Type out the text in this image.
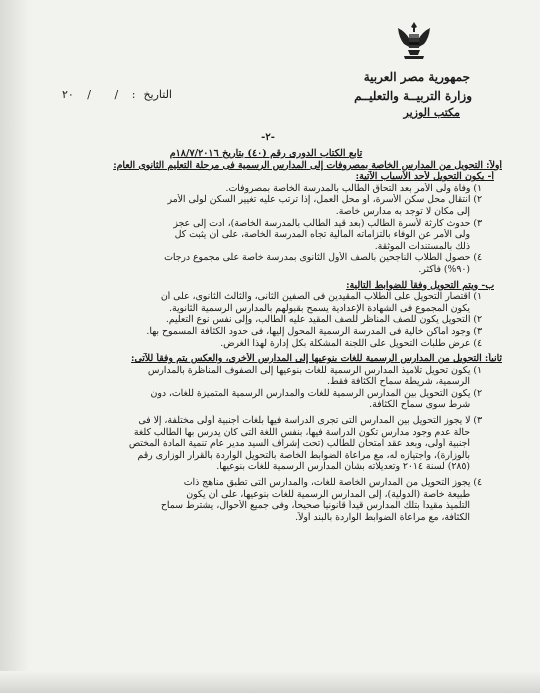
جمهورية مصر العربية
وزارة التربيــة والتعليــم
مكتب الوزير
التاريخ: / / ٢٠
-٢-

تابع الكتاب الدورى رقم (٤٠) بتاريخ ١٨/٧/٢٠١٦م

أولاً: التحويل من المدارس الخاصة بمصروفات إلى المدارس الرسمية فى مرحلة التعليم الثانوى العام:

أ- يكون التحويل لأحد الأسباب الآتية:

١) وفاة ولى الأمر بعد التحاق الطالب بالمدرسة الخاصة بمصروفات.

٢) انتقال محل سكن الأسرة، أو محل العمل، إذا ترتب عليه تغيير السكن لولى الأمر

إلى مكان لا توجد به مدارس خاصة.

٣) حدوث كارثة لأسرة الطالب (بعد قيد الطالب بالمدرسة الخاصة)، أدت إلى عجز

ولى الأمر عن الوفاء بالتزاماته المالية تجاه المدرسة الخاصة، على أن يثبت كل

ذلك بالمستندات الموثقة.

٤) حصول الطلاب الناجحين بالصف الأول الثانوى بمدرسة خاصة على مجموع درجات

(٩٠%) فأكثر.

ب- ويتم التحويل وفقاً للضوابط التالية:

١) اقتصار التحويل على الطلاب المقيدين فى الصفين الثانى، والثالث الثانوى، على أن

يكون المجموع فى الشهادة الإعدادية يسمح بقبولهم بالمدارس الرسمية الثانوية.

٢) التحويل يكون للصف المناظر للصف المقيد عليه الطالب، وإلى نفس نوع التعليم.

٣) وجود أماكن خالية فى المدرسة الرسمية المحول إليها، فى حدود الكثافة المسموح بها.

٤) عرض طلبات التحويل على اللجنة المشكلة بكل إدارة لهذا الغرض.

ثانياً: التحويل من المدارس الرسمية للغات بنوعيها إلى المدارس الأخرى، والعكس يتم وفقاً للآتى:

١) يكون تحويل تلاميذ المدارس الرسمية للغات بنوعيها إلى الصفوف المناظرة بالمدارس

الرسمية، شريطة سماح الكثافة فقط.

٢) يكون التحويل بين المدارس الرسمية للغات والمدارس الرسمية المتميزة للغات، دون

شرط سوى سماح الكثافة.

٣) لا يجوز التحويل بين المدارس التى تجرى الدراسة فيها بلغات أجنبية أولى مختلفة، إلا فى

حالة عدم وجود مدارس تكون الدراسة فيها، بنفس اللغة التى كان يدرس بها الطالب كلغة

أجنبية أولى، وبعد عقد امتحان للطالب (تحت إشراف السيد مدير عام تنمية المادة المختص

بالوزارة)، واجتيازه له، مع مراعاة الضوابط الخاصة بالتحويل الواردة بالقرار الوزارى رقم

(٢٨٥) لسنة ٢٠١٤ وتعديلاته بشأن المدارس الرسمية للغات بنوعيها.

٤) يجوز التحويل من المدارس الخاصة للغات، والمدارس التى تطبق مناهج ذات

طبيعة خاصة (الدولية)، إلى المدارس الرسمية للغات بنوعيها، على أن يكون

التلميذ مقيداً بتلك المدارس قيداً قانونياً صحيحاً، وفى جميع الأحوال، يشترط سماح

الكثافة، مع مراعاة الضوابط الواردة بالبند أولاً.
